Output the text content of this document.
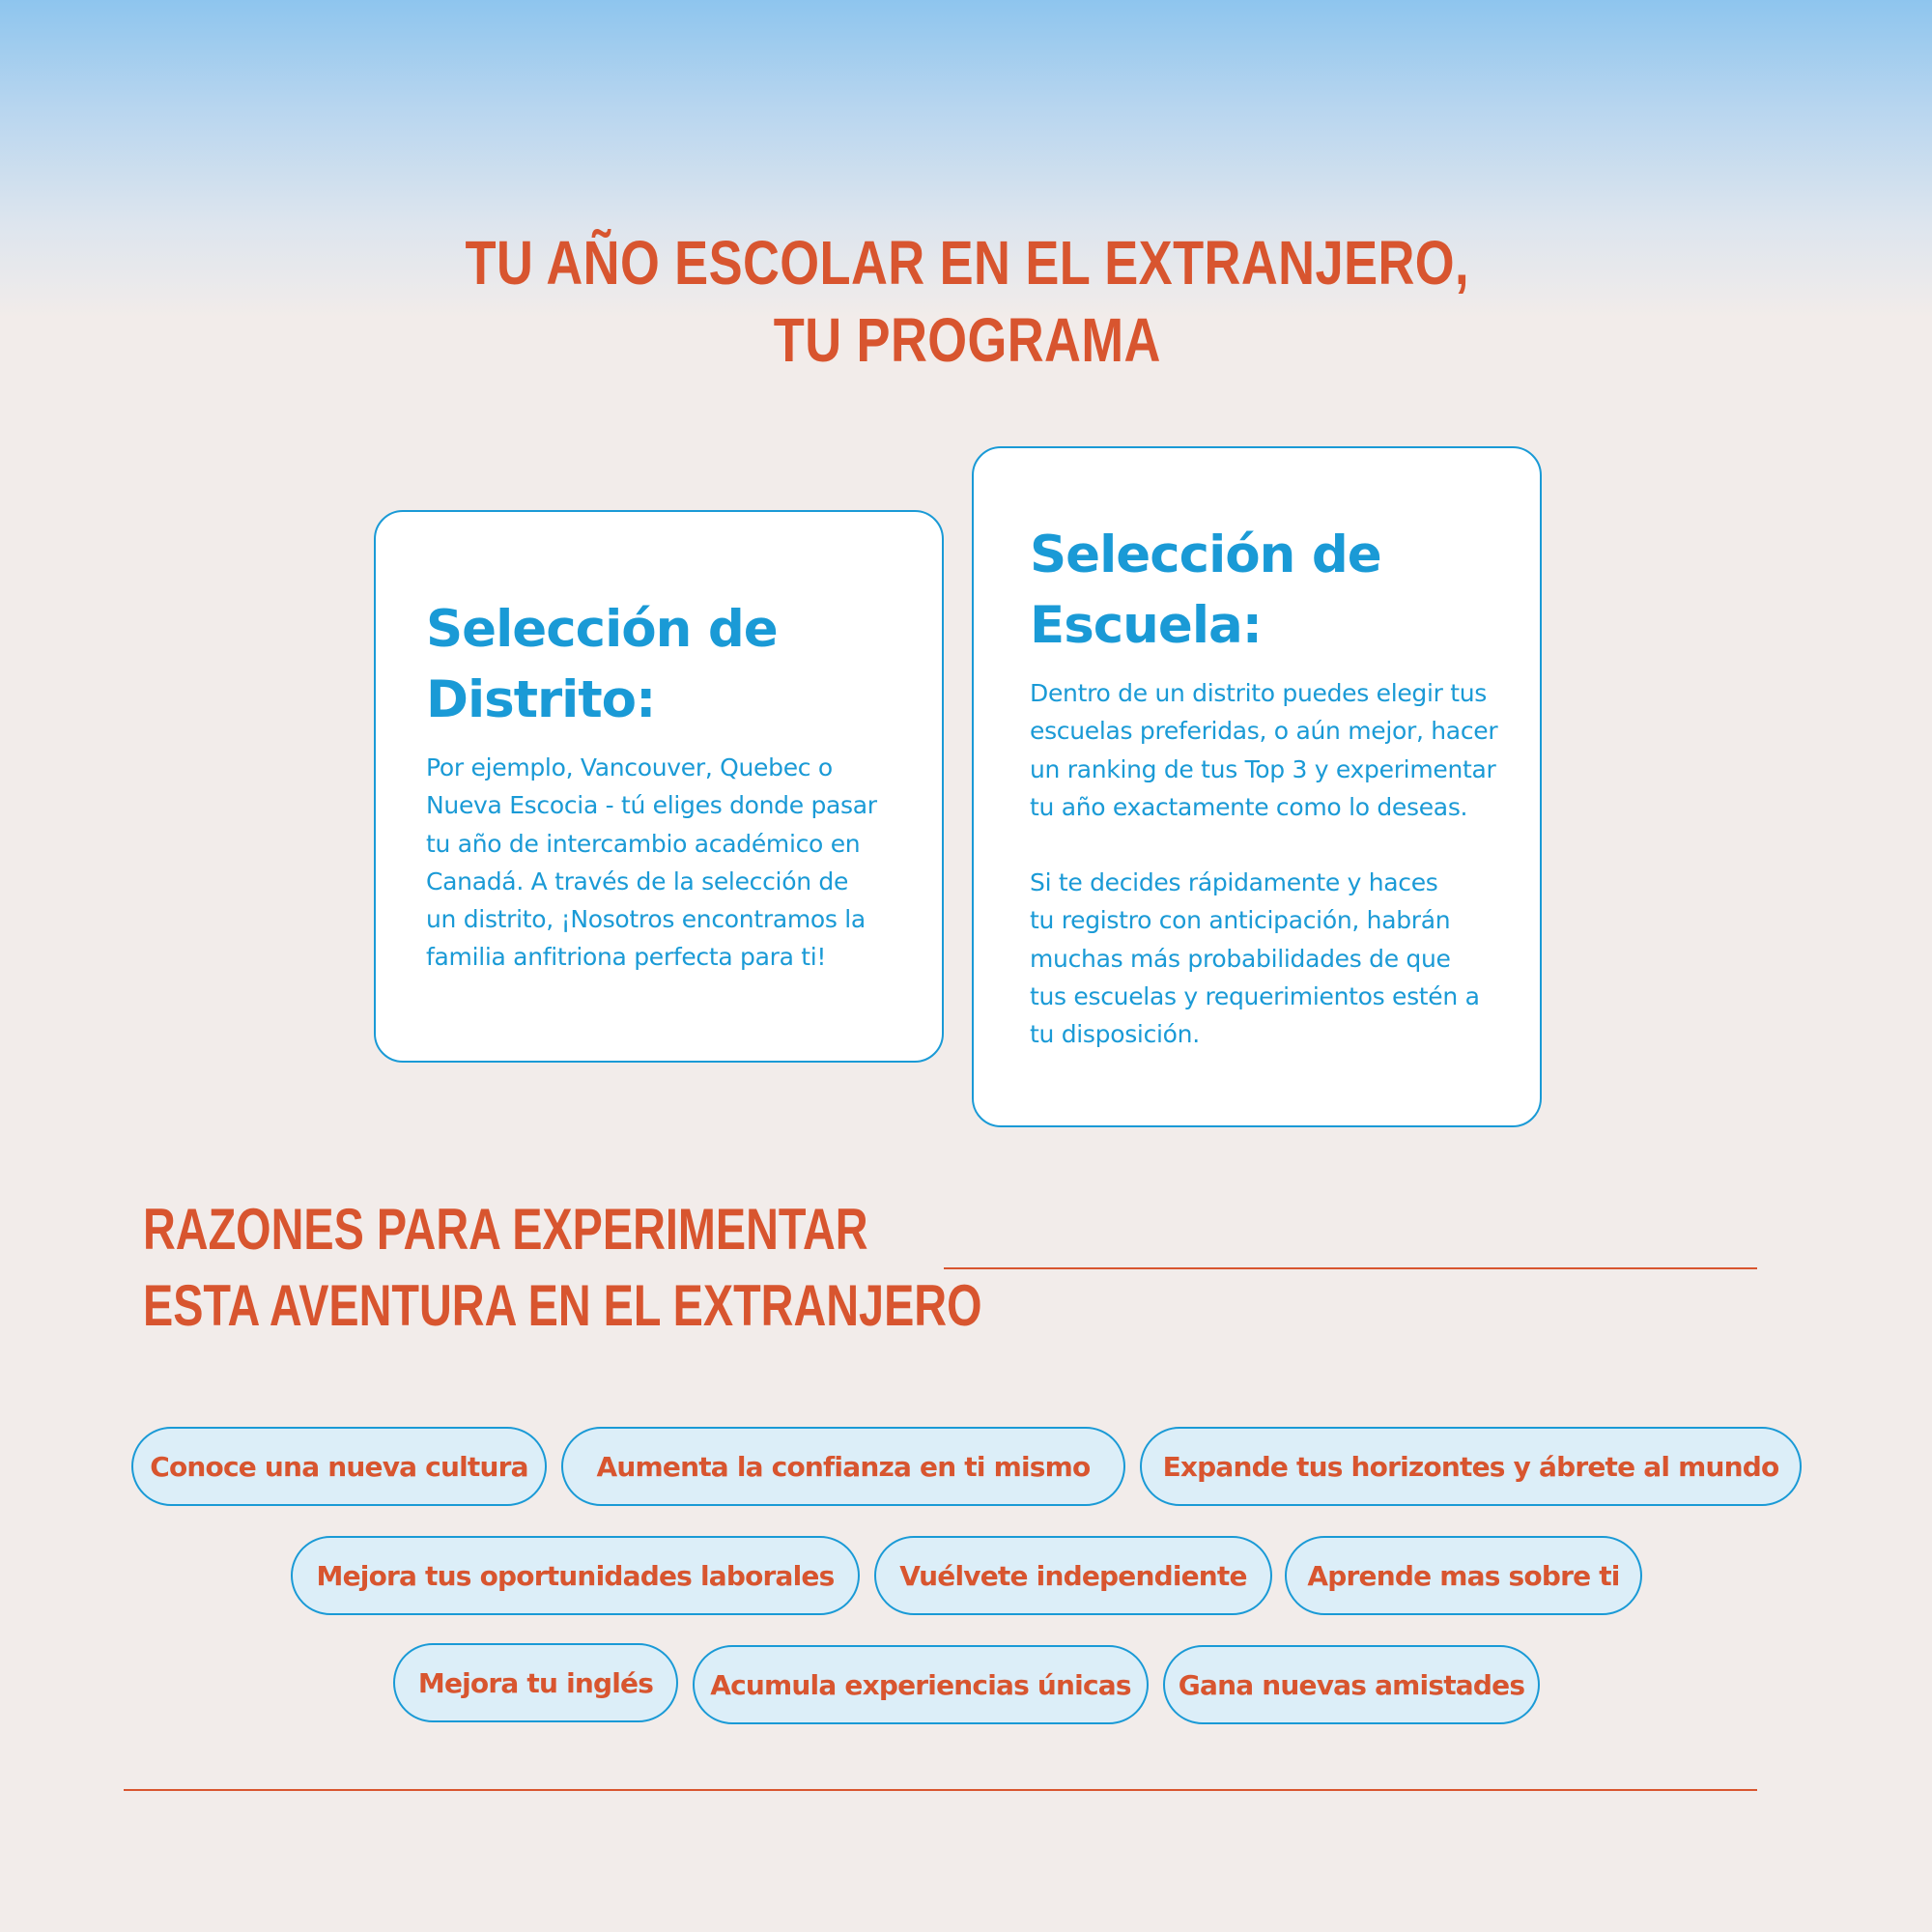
TU AÑO ESCOLAR EN EL EXTRANJERO,
TU PROGRAMA
Selección de
Distrito:

Por ejemplo, Vancouver, Quebec o
Nueva Escocia - tú eliges donde pasar
tu año de intercambio académico en
Canadá. A través de la selección de
un distrito, ¡Nosotros encontramos la
familia anfitriona perfecta para ti!

Selección de
Escuela:

Dentro de un distrito puedes elegir tus
escuelas preferidas, o aún mejor, hacer
un ranking de tus Top 3 y experimentar
tu año exactamente como lo deseas.

Si te decides rápidamente y haces
tu registro con anticipación, habrán
muchas más probabilidades de que
tus escuelas y requerimientos estén a
tu disposición.

RAZONES PARA EXPERIMENTAR
ESTA AVENTURA EN EL EXTRANJERO
Conoce una nueva cultura	Aumenta la confianza en ti mismo	Expande tus horizontes y ábrete al mundo
Mejora tus oportunidades laborales	Vuélvete independiente	Aprende mas sobre ti
Mejora tu inglés	Acumula experiencias únicas	Gana nuevas amistades
